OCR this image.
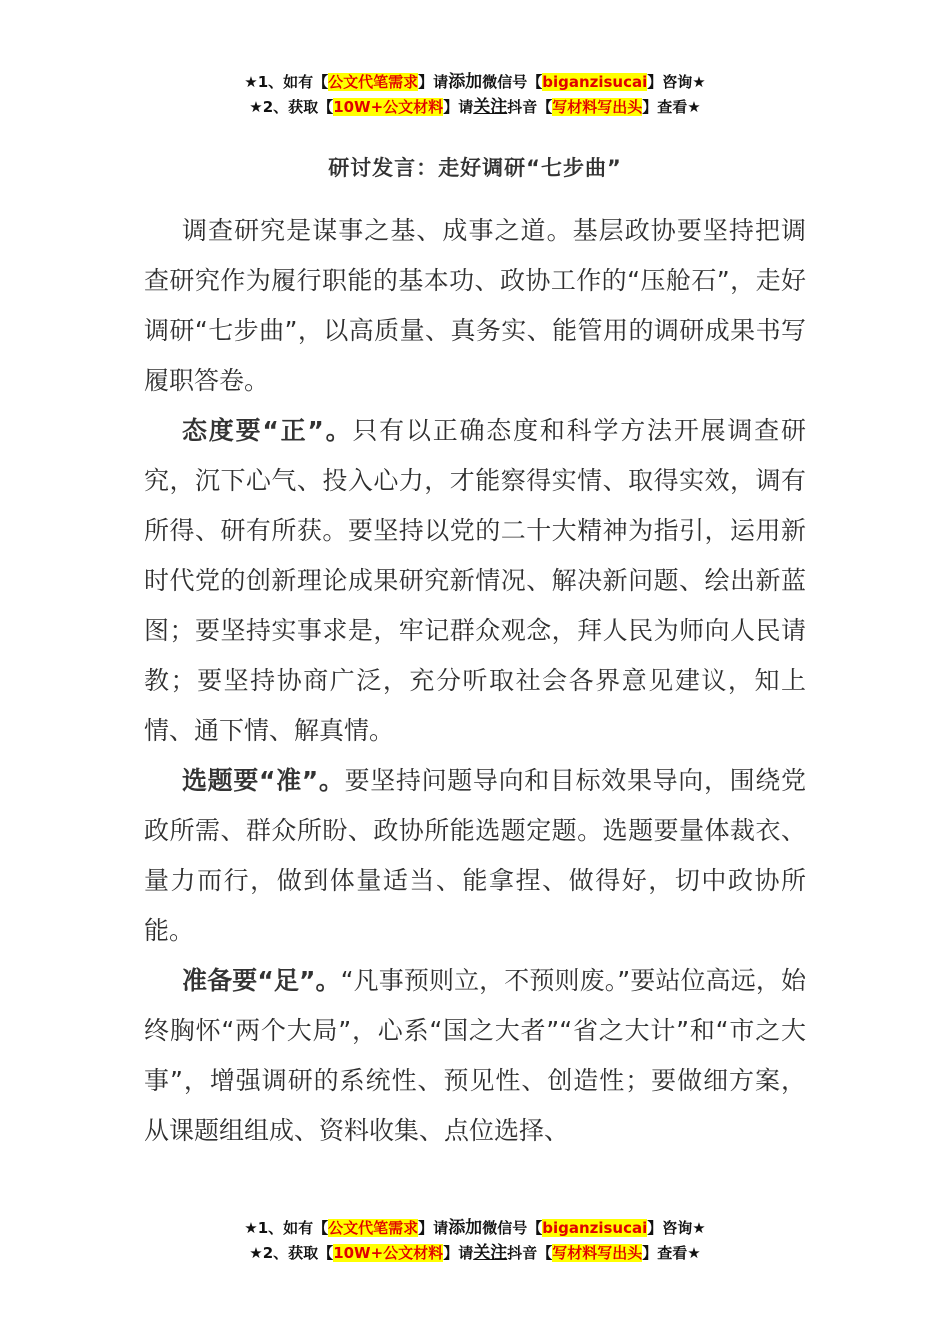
★1、如有【公文代笔需求】请添加微信号【biganzisucai】咨询★
★2、获取【10W+公文材料】请关注抖音【写材料写出头】查看★
研讨发言：走好调研“七步曲”

调查研究是谋事之基、成事之道。基层政协要坚持把调查研究作为履行职能的基本功、政协工作的“压舱石”，走好调研“七步曲”，以高质量、真务实、能管用的调研成果书写履职答卷。

态度要“正”。只有以正确态度和科学方法开展调查研究，沉下心气、投入心力，才能察得实情、取得实效，调有所得、研有所获。要坚持以党的二十大精神为指引，运用新时代党的创新理论成果研究新情况、解决新问题、绘出新蓝图；要坚持实事求是，牢记群众观念，拜人民为师向人民请教；要坚持协商广泛，充分听取社会各界意见建议，知上情、通下情、解真情。

选题要“准”。要坚持问题导向和目标效果导向，围绕党政所需、群众所盼、政协所能选题定题。选题要量体裁衣、量力而行，做到体量适当、能拿捏、做得好，切中政协所能。

准备要“足”。“凡事预则立，不预则废。”要站位高远，始终胸怀“两个大局”，心系“国之大者”“省之大计”和“市之大事”，增强调研的系统性、预见性、创造性；要做细方案，从课题组组成、资料收集、点位选择、

★1、如有【公文代笔需求】请添加微信号【biganzisucai】咨询★
★2、获取【10W+公文材料】请关注抖音【写材料写出头】查看★
